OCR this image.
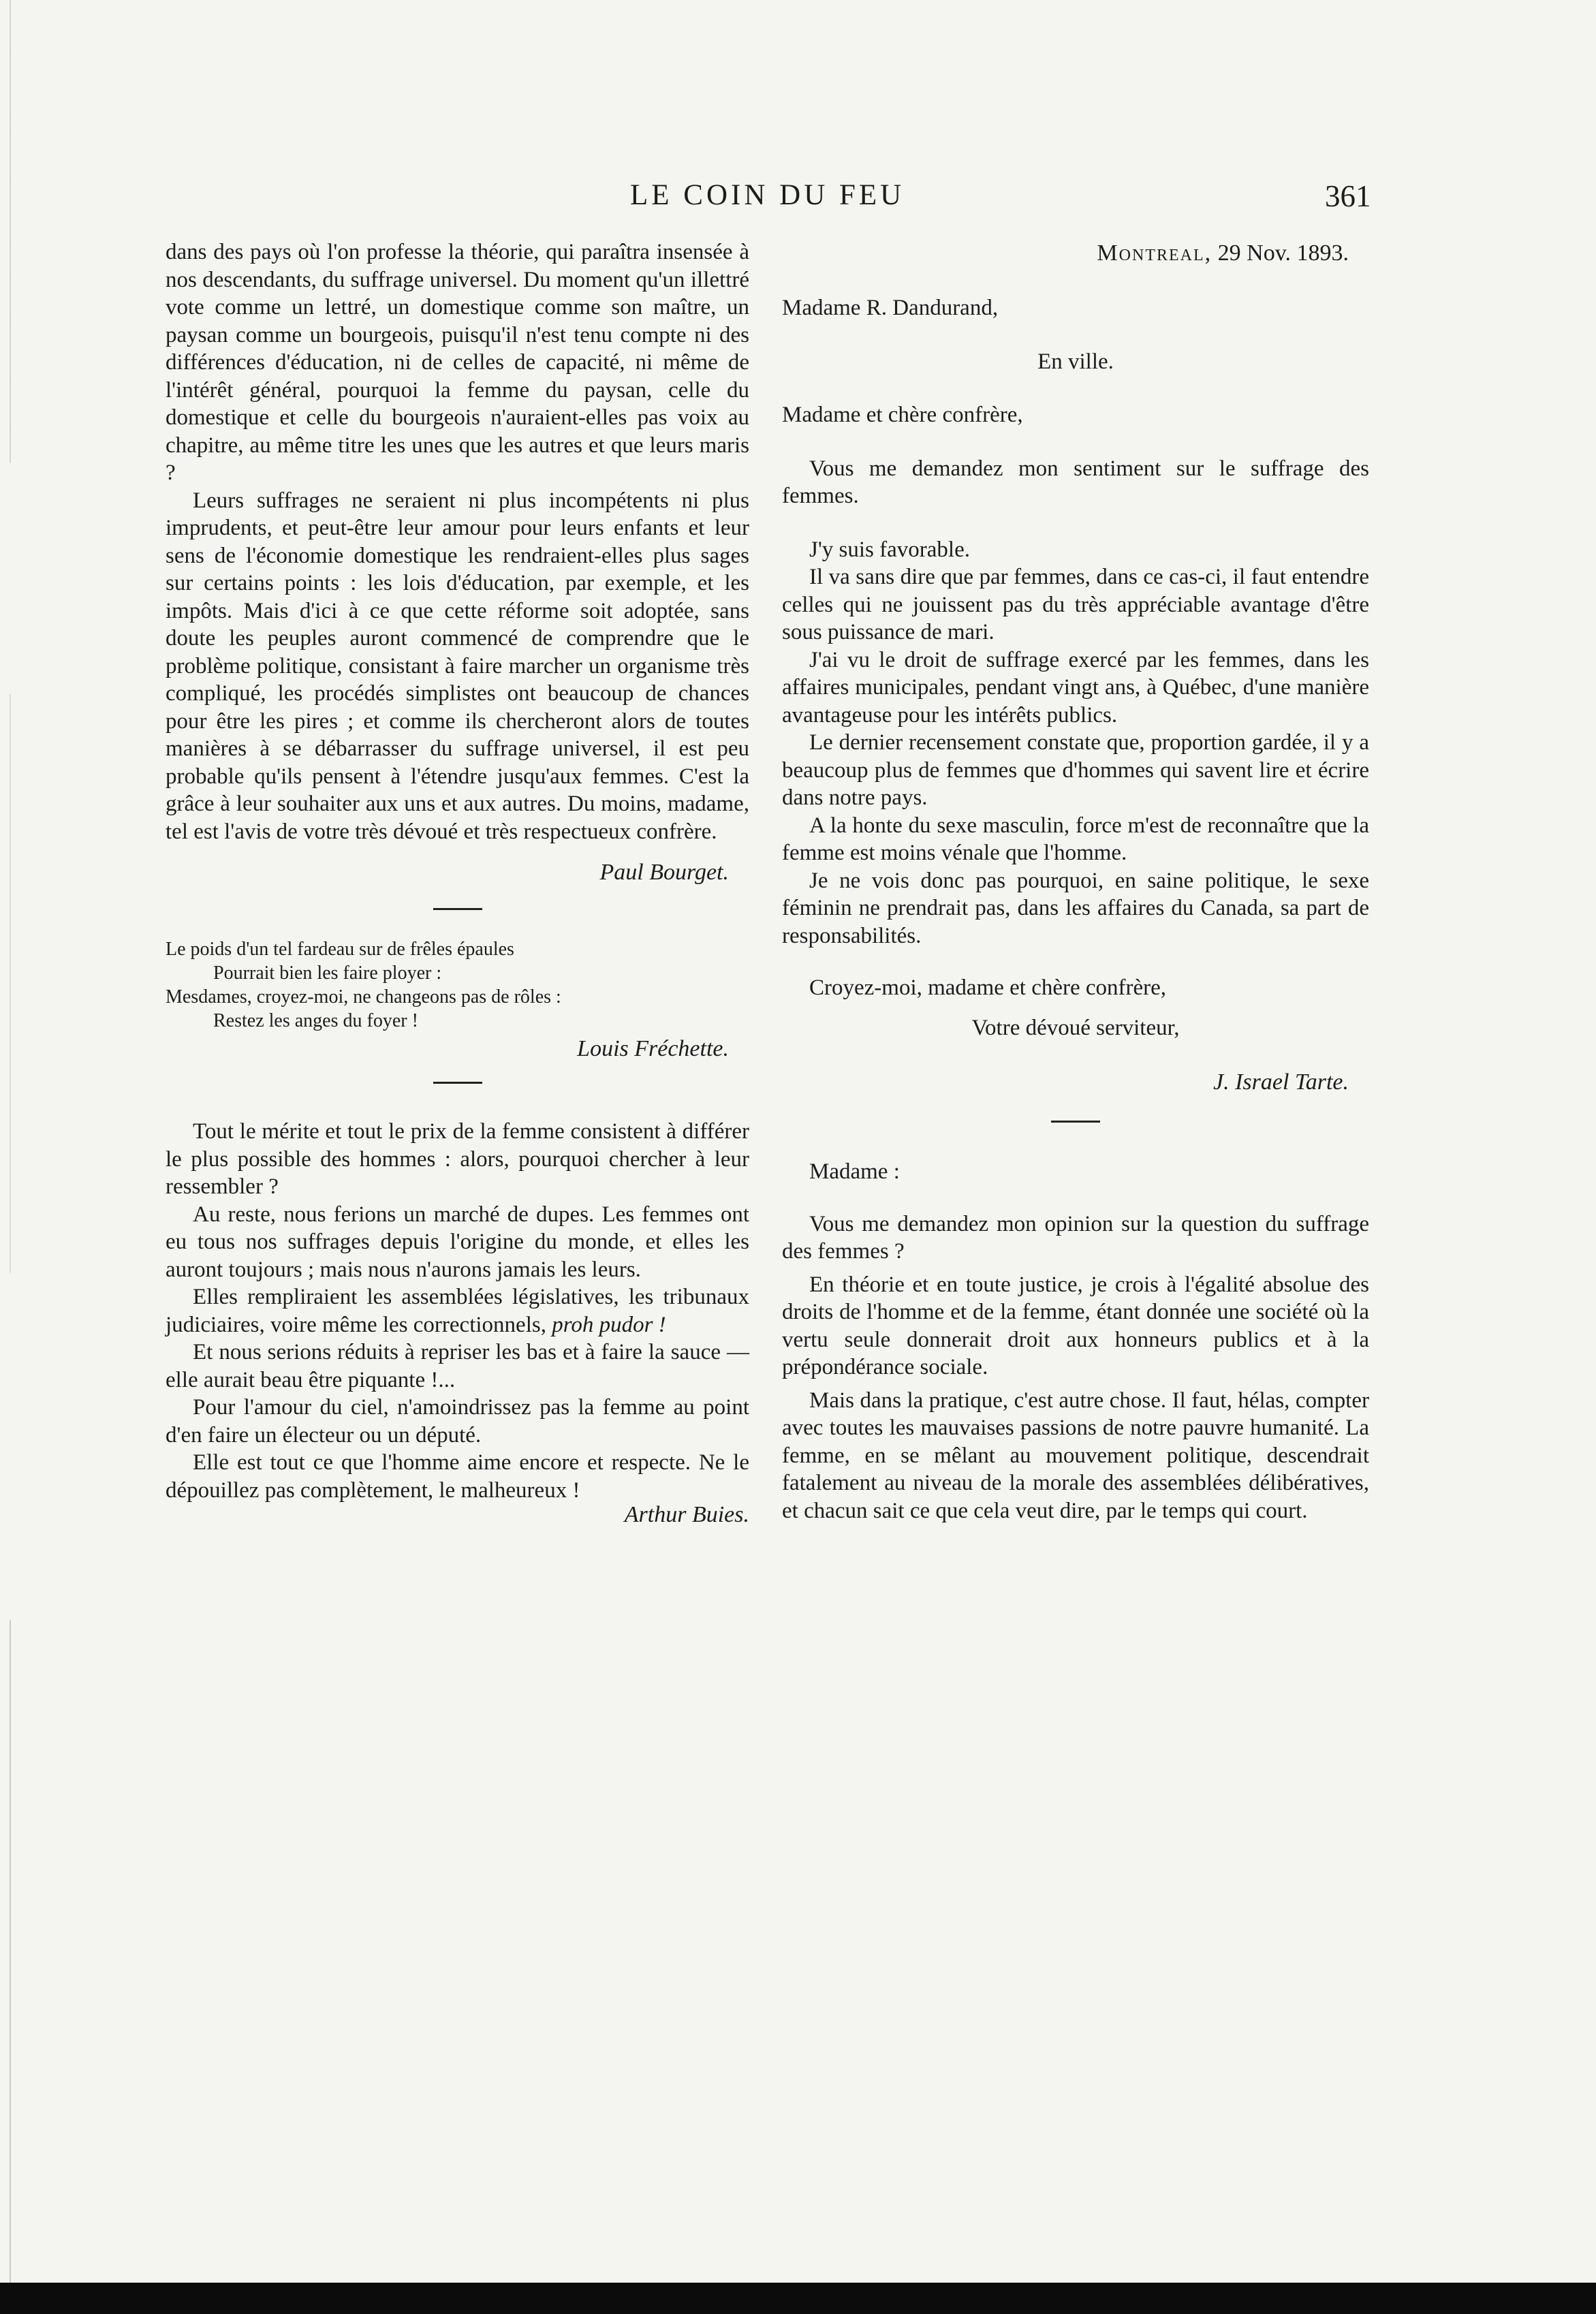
LE COIN DU FEU	361

dans des pays où l'on professe la théorie, qui paraîtra insensée à nos descendants, du suffrage universel. Du moment qu'un illettré vote comme un lettré, un domestique comme son maître, un paysan comme un bourgeois, puisqu'il n'est tenu compte ni des différences d'éducation, ni de celles de capacité, ni même de l'intérêt général, pourquoi la femme du paysan, celle du domestique et celle du bourgeois n'auraient-elles pas voix au chapitre, au même titre les unes que les autres et que leurs maris ?

Leurs suffrages ne seraient ni plus incompétents ni plus imprudents, et peut-être leur amour pour leurs enfants et leur sens de l'économie domestique les rendraient-elles plus sages sur certains points : les lois d'éducation, par exemple, et les impôts. Mais d'ici à ce que cette réforme soit adoptée, sans doute les peuples auront commencé de comprendre que le problème politique, consistant à faire marcher un organisme très compliqué, les procédés simplistes ont beaucoup de chances pour être les pires ; et comme ils chercheront alors de toutes manières à se débarrasser du suffrage universel, il est peu probable qu'ils pensent à l'étendre jusqu'aux femmes. C'est la grâce à leur souhaiter aux uns et aux autres. Du moins, madame, tel est l'avis de votre très dévoué et très respectueux confrère.

Paul Bourget.

Le poids d'un tel fardeau sur de frêles épaules
Pourrait bien les faire ployer :
Mesdames, croyez-moi, ne changeons pas de rôles :
Restez les anges du foyer !

Louis Fréchette.

Tout le mérite et tout le prix de la femme consistent à différer le plus possible des hommes : alors, pourquoi chercher à leur ressembler ?

Au reste, nous ferions un marché de dupes. Les femmes ont eu tous nos suffrages depuis l'origine du monde, et elles les auront toujours ; mais nous n'aurons jamais les leurs.

Elles rempliraient les assemblées législatives, les tribunaux judiciaires, voire même les correctionnels, proh pudor !

Et nous serions réduits à repriser les bas et à faire la sauce — elle aurait beau être piquante !...

Pour l'amour du ciel, n'amoindrissez pas la femme au point d'en faire un électeur ou un député.

Elle est tout ce que l'homme aime encore et respecte. Ne le dépouillez pas complètement, le malheureux !

Arthur Buies.

Montreal, 29 Nov. 1893.

Madame R. Dandurand,

En ville.

Madame et chère confrère,

Vous me demandez mon sentiment sur le suffrage des femmes.

J'y suis favorable.

Il va sans dire que par femmes, dans ce cas-ci, il faut entendre celles qui ne jouissent pas du très appréciable avantage d'être sous puissance de mari.

J'ai vu le droit de suffrage exercé par les femmes, dans les affaires municipales, pendant vingt ans, à Québec, d'une manière avantageuse pour les intérêts publics.

Le dernier recensement constate que, proportion gardée, il y a beaucoup plus de femmes que d'hommes qui savent lire et écrire dans notre pays.

A la honte du sexe masculin, force m'est de reconnaître que la femme est moins vénale que l'homme.

Je ne vois donc pas pourquoi, en saine politique, le sexe féminin ne prendrait pas, dans les affaires du Canada, sa part de responsabilités.

Croyez-moi, madame et chère confrère,

Votre dévoué serviteur,

J. Israel Tarte.

Madame :

Vous me demandez mon opinion sur la question du suffrage des femmes ?

En théorie et en toute justice, je crois à l'égalité absolue des droits de l'homme et de la femme, étant donnée une société où la vertu seule donnerait droit aux honneurs publics et à la prépondérance sociale.

Mais dans la pratique, c'est autre chose. Il faut, hélas, compter avec toutes les mauvaises passions de notre pauvre humanité. La femme, en se mêlant au mouvement politique, descendrait fatalement au niveau de la morale des assemblées délibératives, et chacun sait ce que cela veut dire, par le temps qui court.
